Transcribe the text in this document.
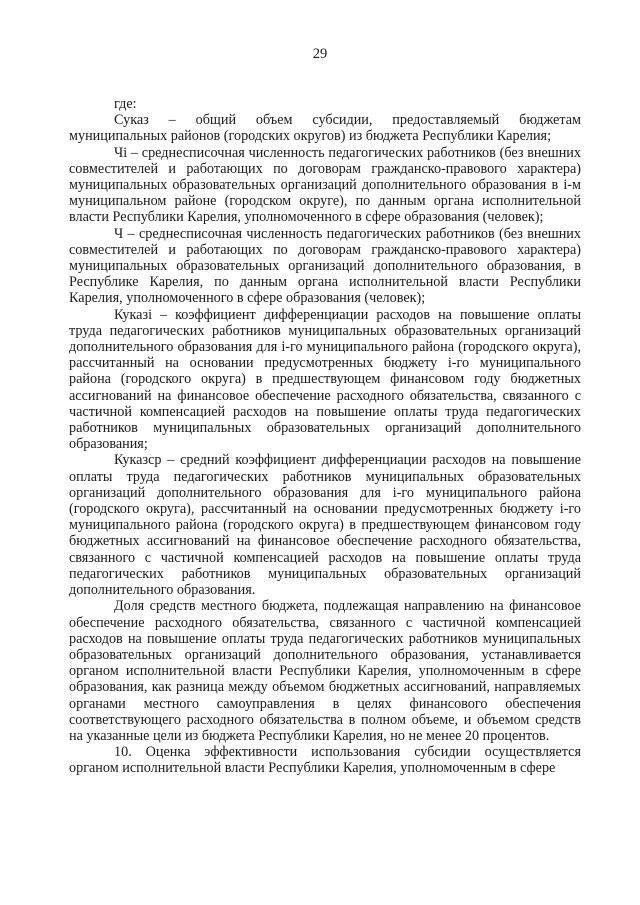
29

где:

Суказ – общий объем субсидии, предоставляемый бюджетам муниципальных районов (городских округов) из бюджета Республики Карелия;

Чі – среднесписочная численность педагогических работников (без внешних совместителей и работающих по договорам гражданско-правового характера) муниципальных образовательных организаций дополнительного образования в і-м муниципальном районе (городском округе), по данным органа исполнительной власти Республики Карелия, уполномоченного в сфере образования (человек);

Ч – среднесписочная численность педагогических работников (без внешних совместителей и работающих по договорам гражданско-правового характера) муниципальных образовательных организаций дополнительного образования, в Республике Карелия, по данным органа исполнительной власти Республики Карелия, уполномоченного в сфере образования (человек);

Куказі – коэффициент дифференциации расходов на повышение оплаты труда педагогических работников муниципальных образовательных организаций дополнительного образования для і-го муниципального района (городского округа), рассчитанный на основании предусмотренных бюджету і-го муниципального района (городского округа) в предшествующем финансовом году бюджетных ассигнований на финансовое обеспечение расходного обязательства, связанного с частичной компенсацией расходов на повышение оплаты труда педагогических работников муниципальных образовательных организаций дополнительного образования;

Куказср – средний коэффициент дифференциации расходов на повышение оплаты труда педагогических работников муниципальных образовательных организаций дополнительного образования для і-го муниципального района (городского округа), рассчитанный на основании предусмотренных бюджету і-го муниципального района (городского округа) в предшествующем финансовом году бюджетных ассигнований на финансовое обеспечение расходного обязательства, связанного с частичной компенсацией расходов на повышение оплаты труда педагогических работников муниципальных образовательных организаций дополнительного образования.

Доля средств местного бюджета, подлежащая направлению на финансовое обеспечение расходного обязательства, связанного с частичной компенсацией расходов на повышение оплаты труда педагогических работников муниципальных образовательных организаций дополнительного образования, устанавливается органом исполнительной власти Республики Карелия, уполномоченным в сфере образования, как разница между объемом бюджетных ассигнований, направляемых органами местного самоуправления в целях финансового обеспечения соответствующего расходного обязательства в полном объеме, и объемом средств на указанные цели из бюджета Республики Карелия, но не менее 20 процентов.

10. Оценка эффективности использования субсидии осуществляется органом исполнительной власти Республики Карелия, уполномоченным в сфере
